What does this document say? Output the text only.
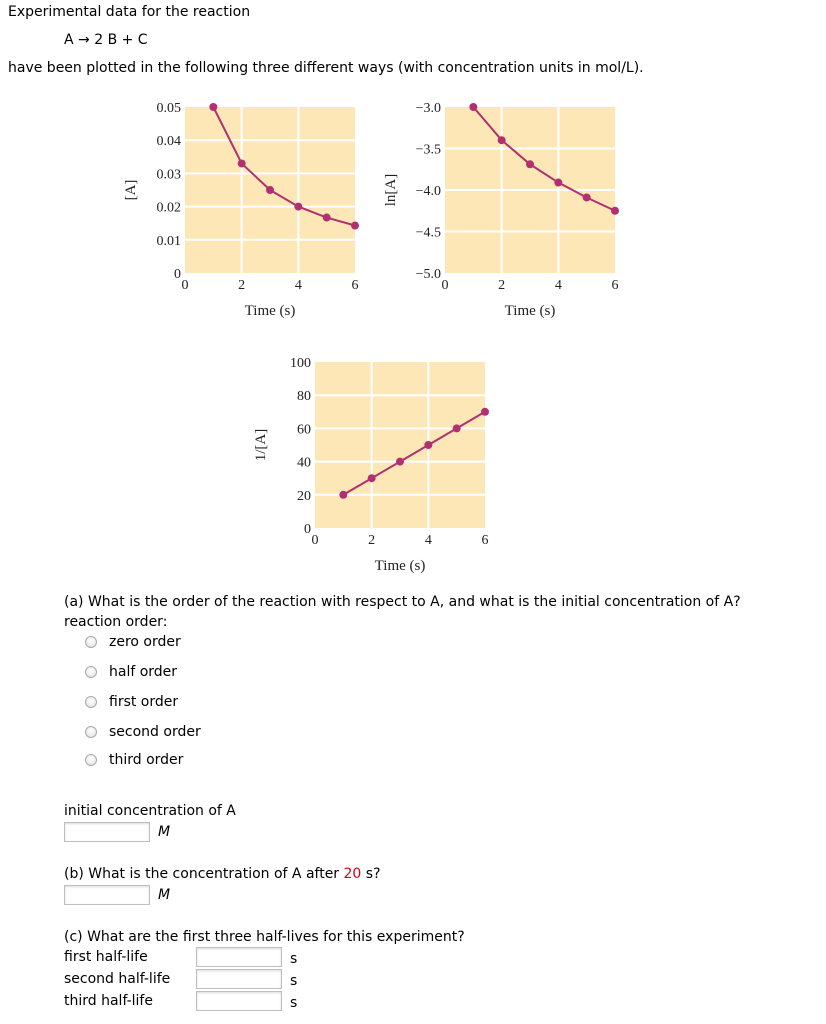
Experimental data for the reaction
A → 2 B + C
have been plotted in the following three different ways (with concentration units in mol/L).
0
0.01
0.02
0.03
0.04
0.05
0	2	4	6
Time (s)
[A]
−5.0
−4.5
−4.0
−3.5
−3.0
0	2	4	6
Time (s)
ln[A]
0
20
40
60
80
100
0	2	4	6
Time (s)
1/[A]
(a) What is the order of the reaction with respect to A, and what is the initial concentration of A?
reaction order:
zero order
half order
first order
second order
third order
initial concentration of A
M
(b) What is the concentration of A after 20 s?
M
(c) What are the first three half-lives for this experiment?
first half-life	s
second half-life	s
third half-life	s
